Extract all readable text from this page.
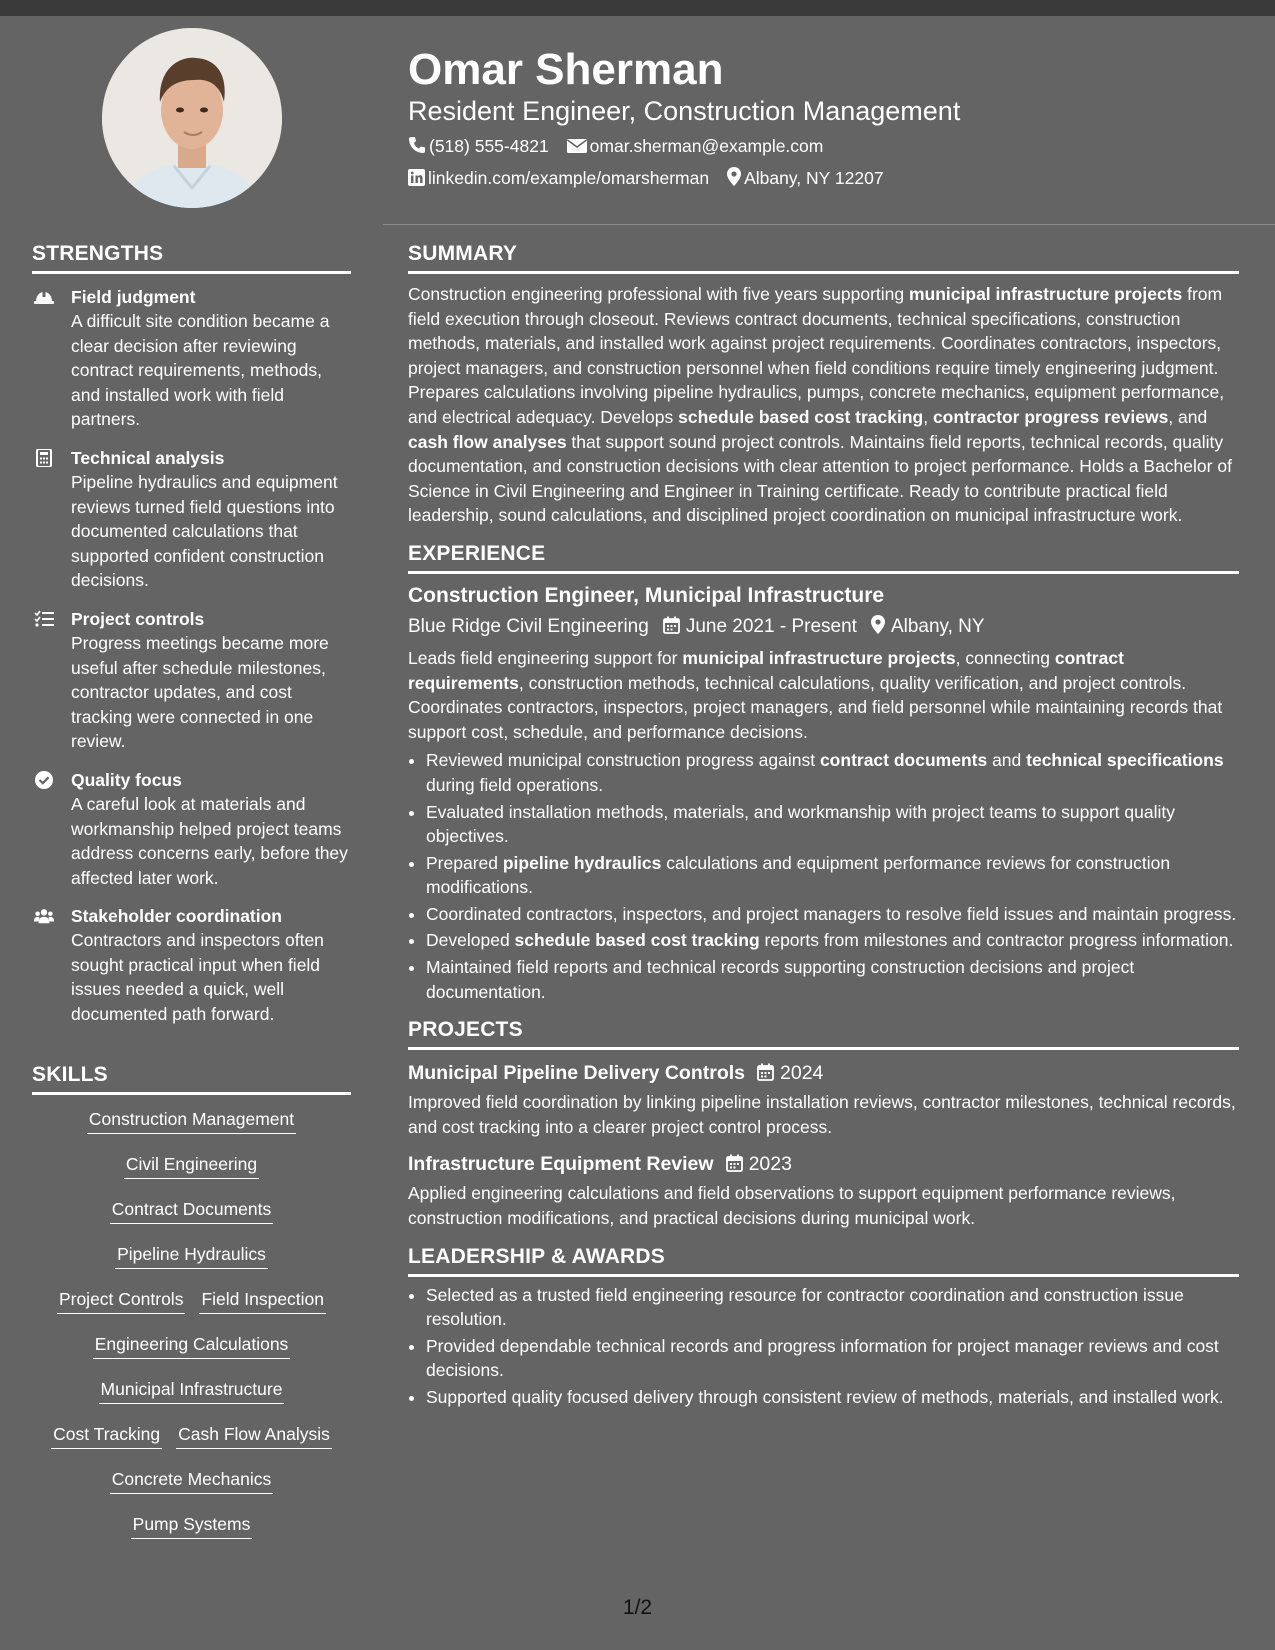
STRENGTHS
Field judgment
A difficult site condition became a clear decision after reviewing contract requirements, methods, and installed work with field partners.
Technical analysis
Pipeline hydraulics and equipment reviews turned field questions into documented calculations that supported confident construction decisions.
Project controls
Progress meetings became more useful after schedule milestones, contractor updates, and cost tracking were connected in one review.
Quality focus
A careful look at materials and workmanship helped project teams address concerns early, before they affected later work.
Stakeholder coordination
Contractors and inspectors often sought practical input when field issues needed a quick, well documented path forward.
SKILLS
Construction Management
Civil Engineering
Contract Documents
Pipeline Hydraulics
Project Controls Field Inspection
Engineering Calculations
Municipal Infrastructure
Cost Tracking Cash Flow Analysis
Concrete Mechanics
Pump Systems
Omar Sherman
Resident Engineer, Construction Management
(518) 555-4821 omar.sherman@example.com
linkedin.com/example/omarsherman Albany, NY 12207
SUMMARY
Construction engineering professional with five years supporting municipal infrastructure projects from field execution through closeout. Reviews contract documents, technical specifications, construction methods, materials, and installed work against project requirements. Coordinates contractors, inspectors, project managers, and construction personnel when field conditions require timely engineering judgment. Prepares calculations involving pipeline hydraulics, pumps, concrete mechanics, equipment performance, and electrical adequacy. Develops schedule based cost tracking, contractor progress reviews, and cash flow analyses that support sound project controls. Maintains field reports, technical records, quality documentation, and construction decisions with clear attention to project performance. Holds a Bachelor of Science in Civil Engineering and Engineer in Training certificate. Ready to contribute practical field leadership, sound calculations, and disciplined project coordination on municipal infrastructure work.
EXPERIENCE
Construction Engineer, Municipal Infrastructure
Blue Ridge Civil Engineering June 2021 - Present Albany, NY
Leads field engineering support for municipal infrastructure projects, connecting contract requirements, construction methods, technical calculations, quality verification, and project controls. Coordinates contractors, inspectors, project managers, and field personnel while maintaining records that support cost, schedule, and performance decisions.
• Reviewed municipal construction progress against contract documents and technical specifications during field operations.
• Evaluated installation methods, materials, and workmanship with project teams to support quality objectives.
• Prepared pipeline hydraulics calculations and equipment performance reviews for construction modifications.
• Coordinated contractors, inspectors, and project managers to resolve field issues and maintain progress.
• Developed schedule based cost tracking reports from milestones and contractor progress information.
• Maintained field reports and technical records supporting construction decisions and project documentation.
PROJECTS
Municipal Pipeline Delivery Controls 2024
Improved field coordination by linking pipeline installation reviews, contractor milestones, technical records, and cost tracking into a clearer project control process.
Infrastructure Equipment Review 2023
Applied engineering calculations and field observations to support equipment performance reviews, construction modifications, and practical decisions during municipal work.
LEADERSHIP & AWARDS
• Selected as a trusted field engineering resource for contractor coordination and construction issue resolution.
• Provided dependable technical records and progress information for project manager reviews and cost decisions.
• Supported quality focused delivery through consistent review of methods, materials, and installed work.
1/2
